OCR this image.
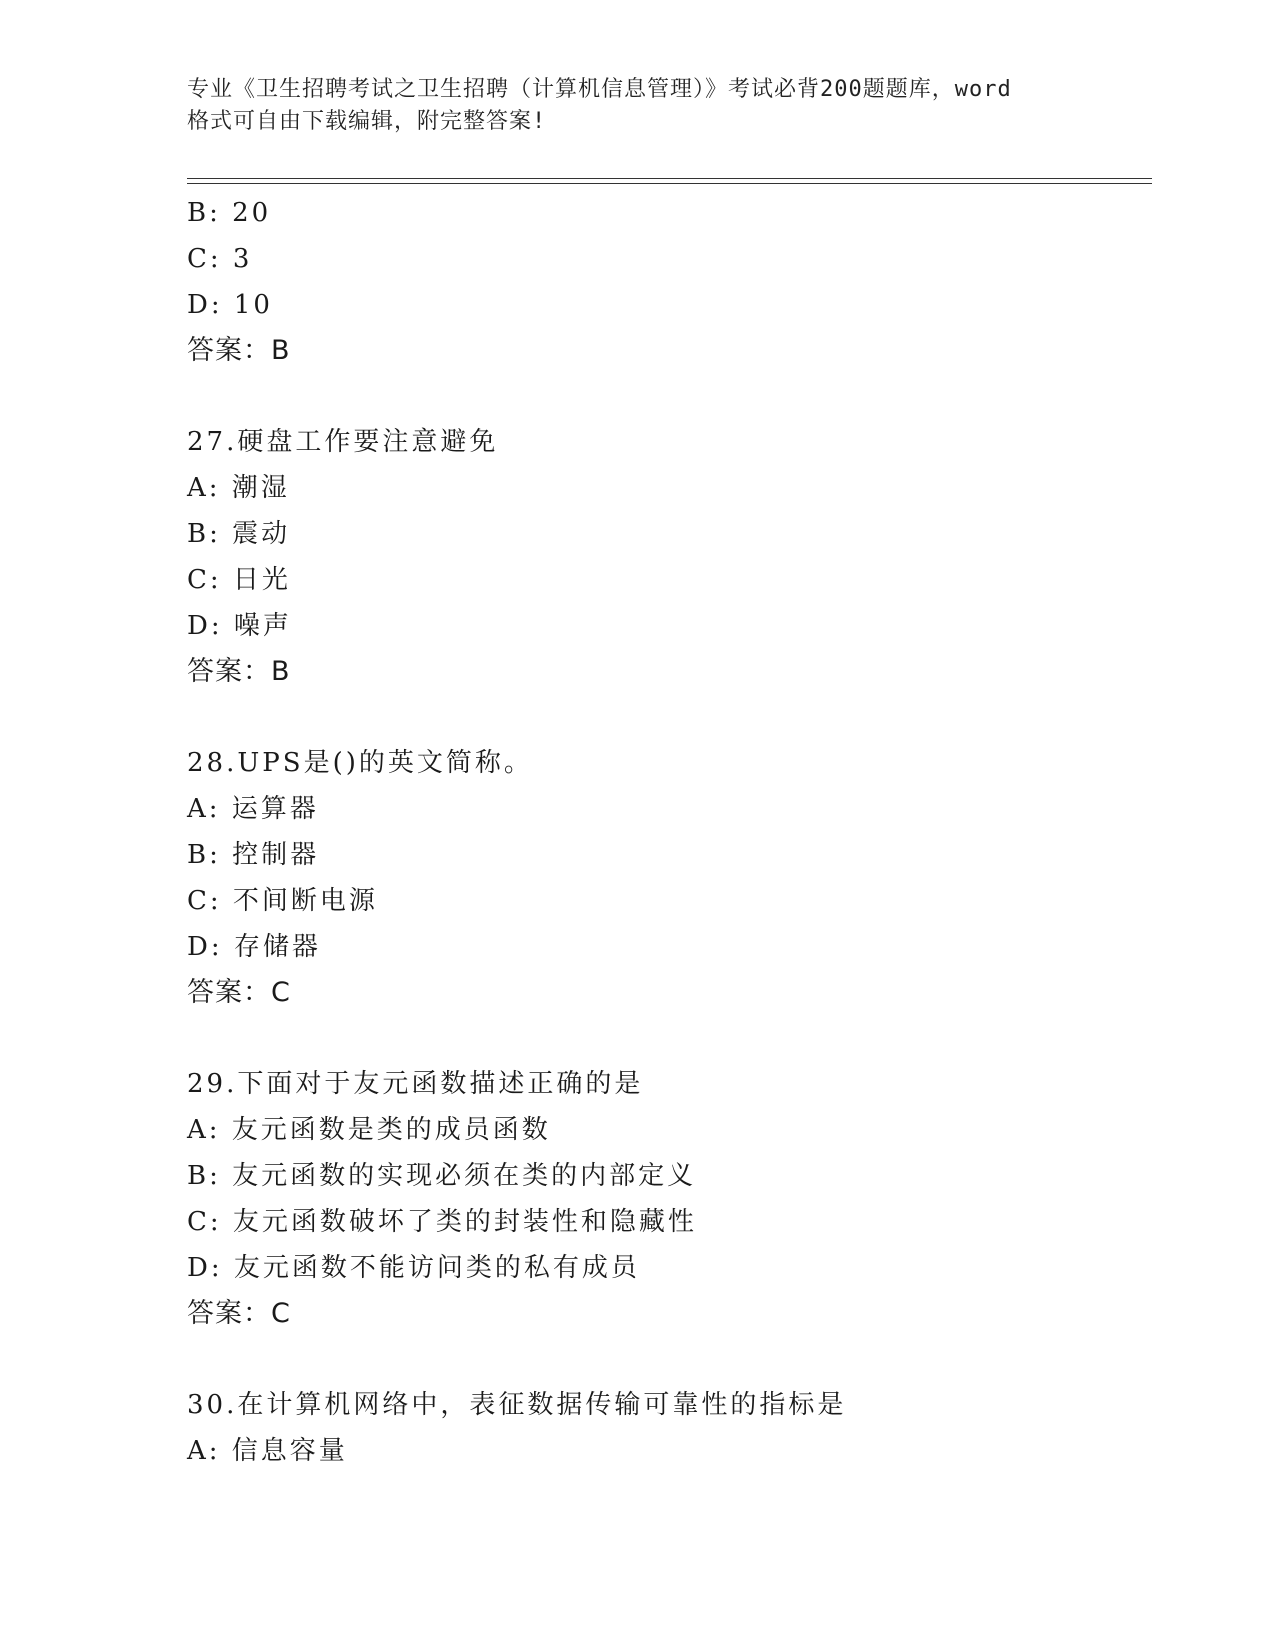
专业《卫生招聘考试之卫生招聘（计算机信息管理）》考试必背200题题库，word
格式可自由下载编辑，附完整答案!
B: 20
C: 3
D: 10
答案：B
27.硬盘工作要注意避免
A: 潮湿
B: 震动
C: 日光
D: 噪声
答案：B
28.UPS是()的英文简称。
A: 运算器
B: 控制器
C: 不间断电源
D: 存储器
答案：C
29.下面对于友元函数描述正确的是
A: 友元函数是类的成员函数
B: 友元函数的实现必须在类的内部定义
C: 友元函数破坏了类的封装性和隐藏性
D: 友元函数不能访问类的私有成员
答案：C
30.在计算机网络中，表征数据传输可靠性的指标是
A: 信息容量
